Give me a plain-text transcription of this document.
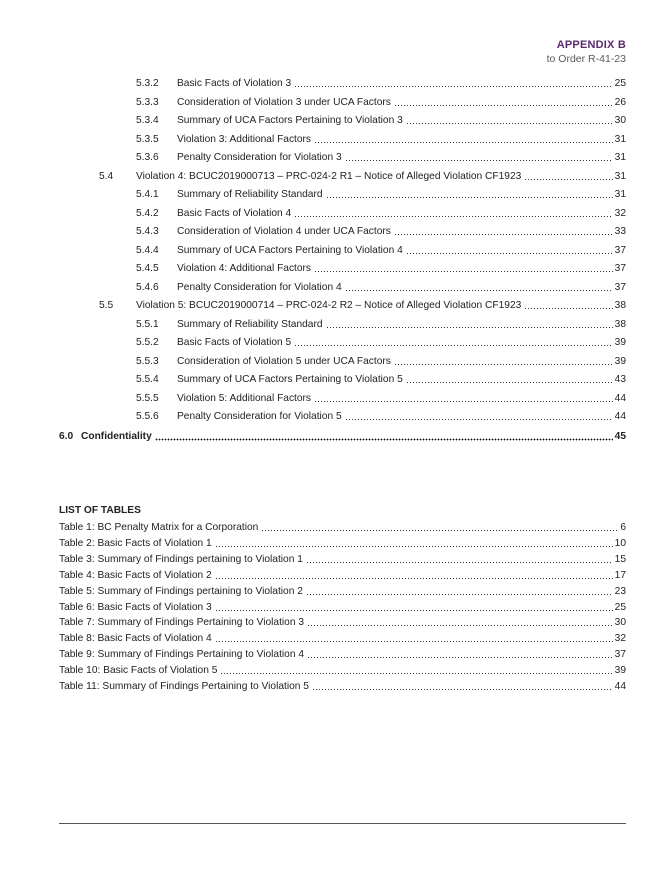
APPENDIX B
to Order R-41-23
5.3.2	Basic Facts of Violation 3	25
5.3.3	Consideration of Violation 3 under UCA Factors	26
5.3.4	Summary of UCA Factors Pertaining to Violation 3	30
5.3.5	Violation 3: Additional Factors	31
5.3.6	Penalty Consideration for Violation 3	31
5.4	Violation 4: BCUC2019000713 – PRC-024-2 R1 – Notice of Alleged Violation CF1923	31
5.4.1	Summary of Reliability Standard	31
5.4.2	Basic Facts of Violation 4	32
5.4.3	Consideration of Violation 4 under UCA Factors	33
5.4.4	Summary of UCA Factors Pertaining to Violation 4	37
5.4.5	Violation 4: Additional Factors	37
5.4.6	Penalty Consideration for Violation 4	37
5.5	Violation 5: BCUC2019000714 – PRC-024-2 R2 – Notice of Alleged Violation CF1923	38
5.5.1	Summary of Reliability Standard	38
5.5.2	Basic Facts of Violation 5	39
5.5.3	Consideration of Violation 5 under UCA Factors	39
5.5.4	Summary of UCA Factors Pertaining to Violation 5	43
5.5.5	Violation 5: Additional Factors	44
5.5.6	Penalty Consideration for Violation 5	44
6.0 Confidentiality	45
LIST OF TABLES
Table 1: BC Penalty Matrix for a Corporation	6
Table 2: Basic Facts of Violation 1	10
Table 3: Summary of Findings pertaining to Violation 1	15
Table 4: Basic Facts of Violation 2	17
Table 5: Summary of Findings pertaining to Violation 2	23
Table 6: Basic Facts of Violation 3	25
Table 7: Summary of Findings Pertaining to Violation 3	30
Table 8: Basic Facts of Violation 4	32
Table 9: Summary of Findings Pertaining to Violation 4	37
Table 10: Basic Facts of Violation 5	39
Table 11: Summary of Findings Pertaining to Violation 5	44
